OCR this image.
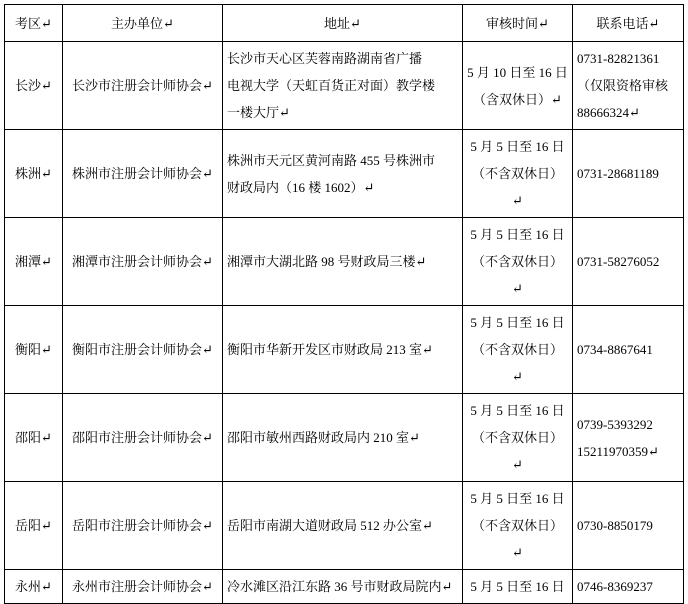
考区↵	主办单位↵	地址↵	审核时间↵	联系电话↵
长沙↵	长沙市注册会计师协会↵	长沙市天心区芙蓉南路湖南省广播
电视大学（天虹百货正对面）教学楼
一楼大厅↵	5 月 10 日至 16 日
（含双休日）↵	0731-82821361
（仅限资格审核
88666324↵

株洲↵	株洲市注册会计师协会↵	株洲市天元区黄河南路 455 号株洲市
财政局内（16 楼 1602）↵	5 月 5 日至 16 日
（不含双休日）↵	0731-28681189

湘潭↵	湘潭市注册会计师协会↵	湘潭市大湖北路 98 号财政局三楼↵	5 月 5 日至 16 日
（不含双休日）↵	0731-58276052

衡阳↵	衡阳市注册会计师协会↵	衡阳市华新开发区市财政局 213 室↵	5 月 5 日至 16 日
（不含双休日）↵	0734-8867641

邵阳↵	邵阳市注册会计师协会↵	邵阳市敏州西路财政局内 210 室↵	5 月 5 日至 16 日
（不含双休日）↵	0739-5393292
15211970359↵

岳阳↵	岳阳市注册会计师协会↵	岳阳市南湖大道财政局 512 办公室↵	5 月 5 日至 16 日
（不含双休日）↵	0730-8850179

永州↵	永州市注册会计师协会↵	冷水滩区沿江东路 36 号市财政局院内↵	5 月 5 日至 16 日	0746-8369237
